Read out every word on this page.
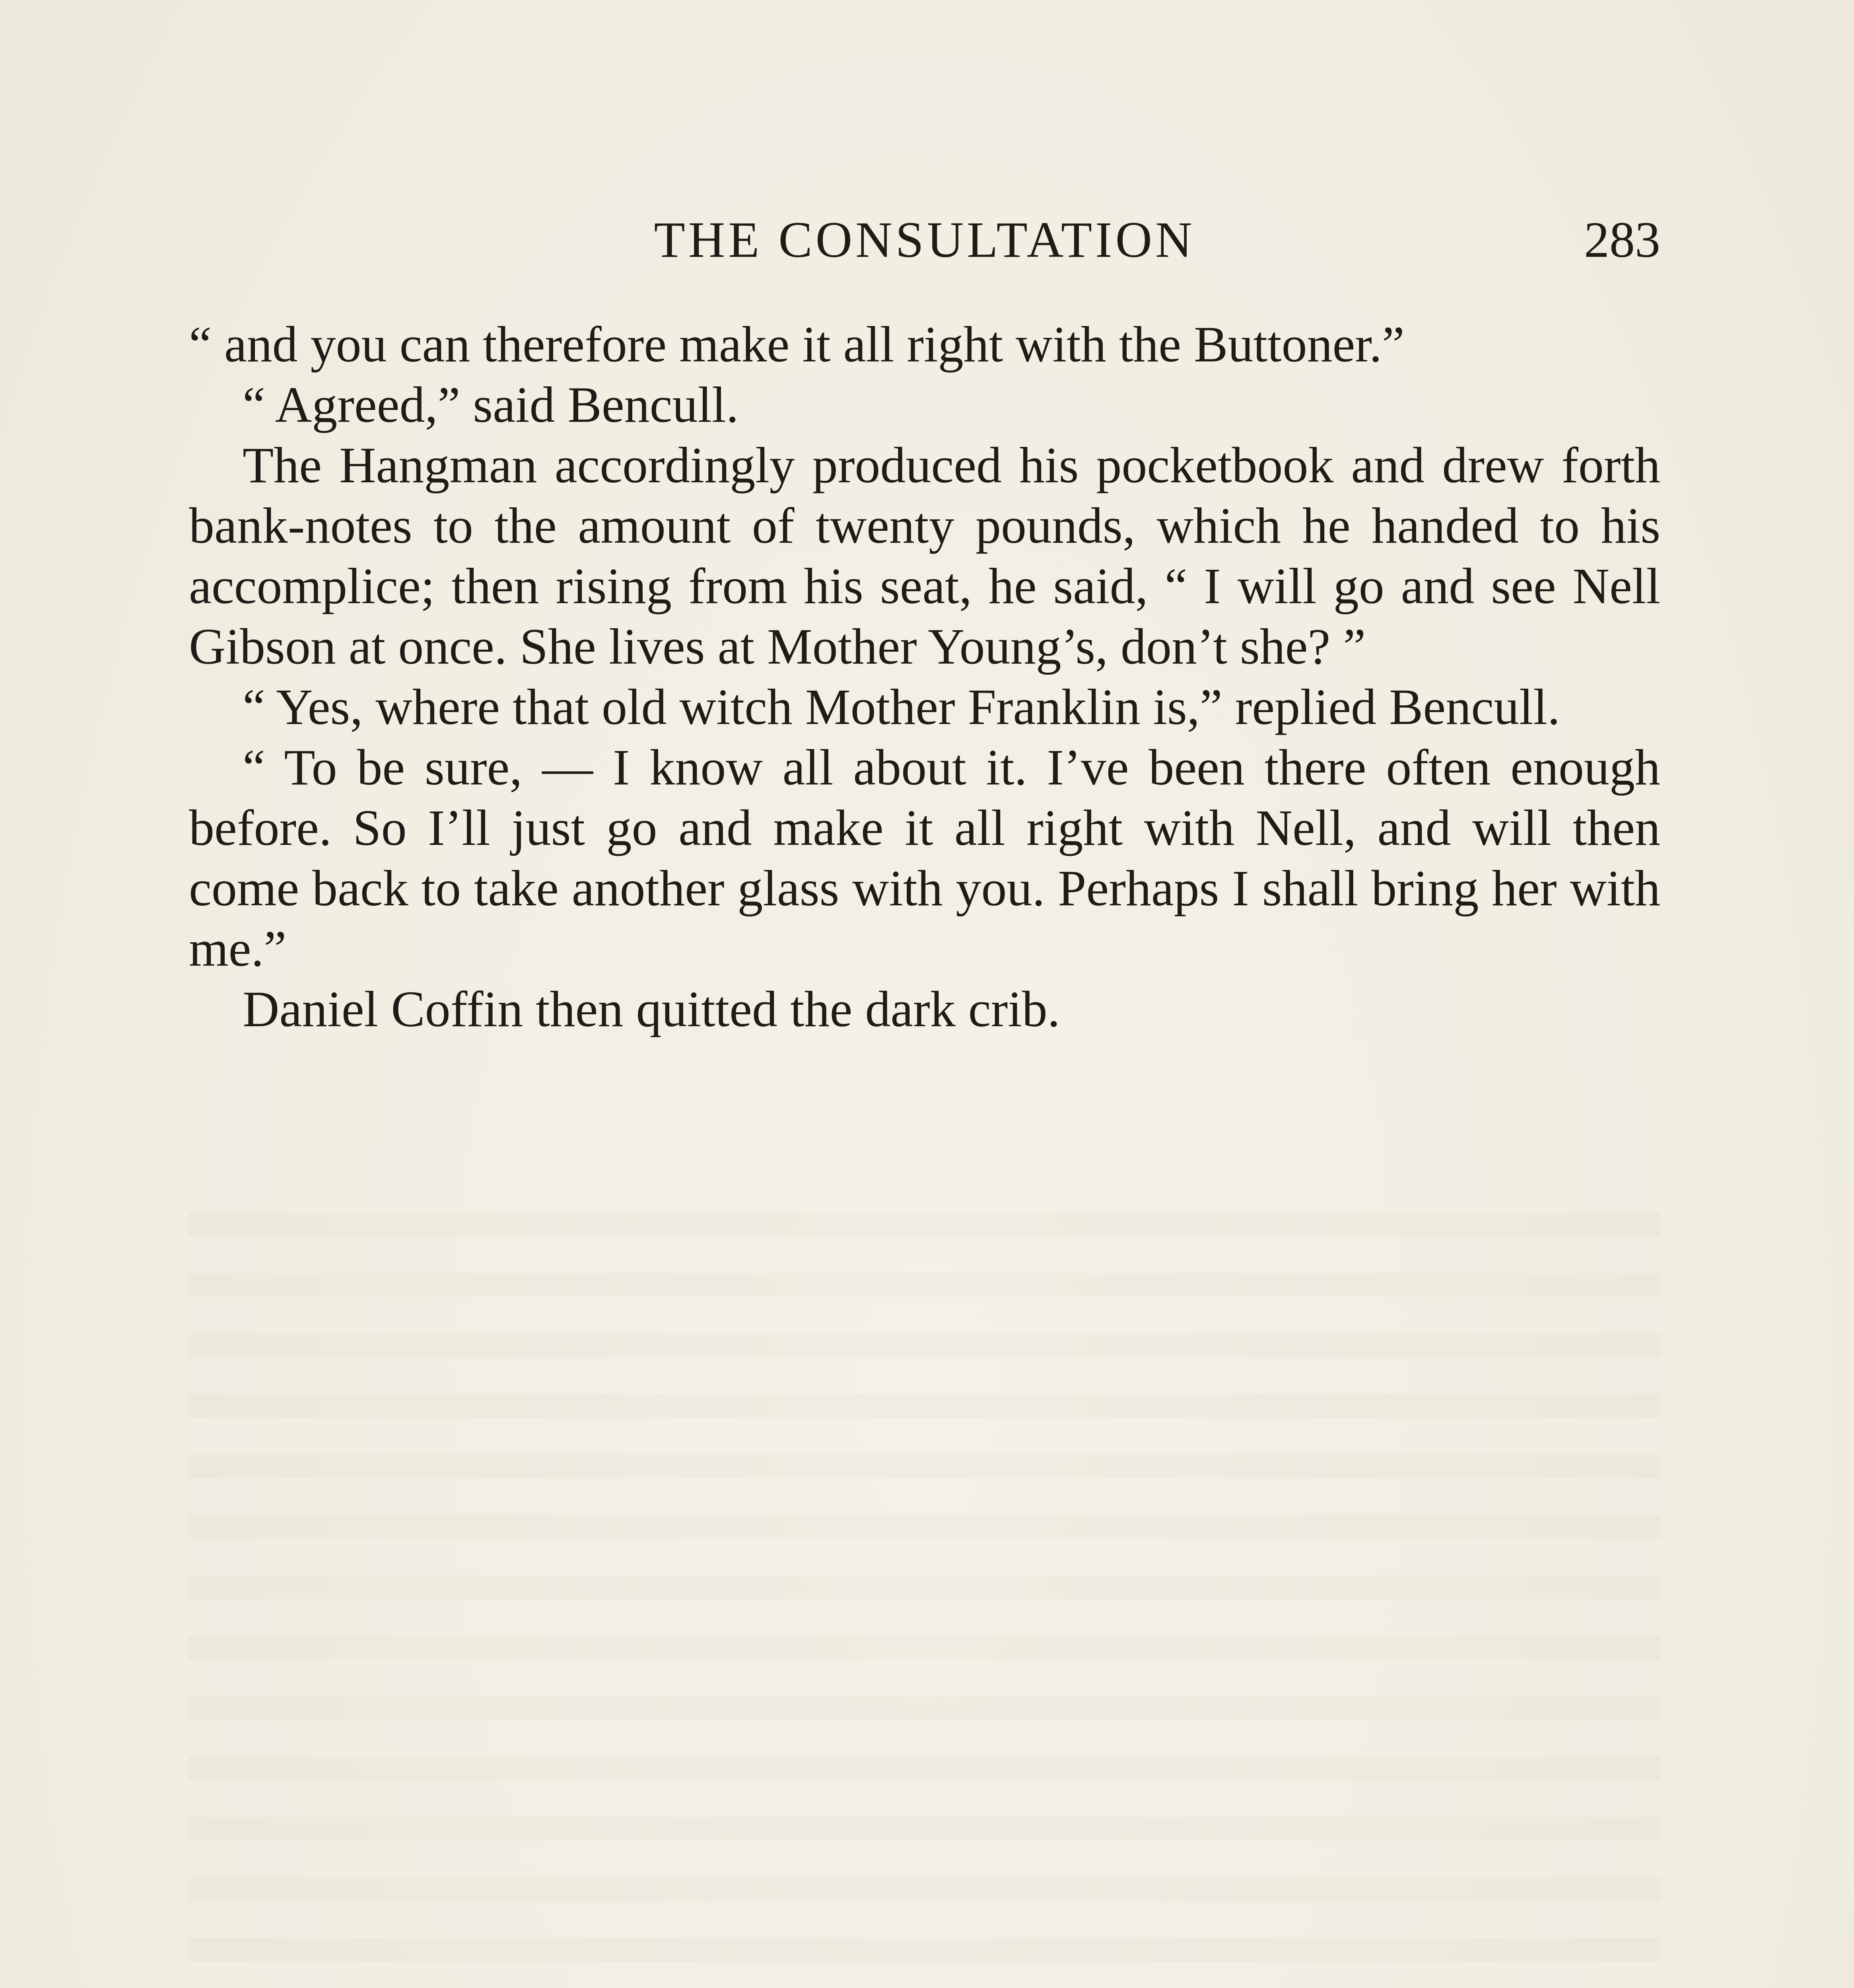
THE CONSULTATION	283

“ and you can therefore make it all right with the Buttoner.”

“ Agreed,” said Bencull.

The Hangman accordingly produced his pocketbook and drew forth bank-notes to the amount of twenty pounds, which he handed to his accomplice; then rising from his seat, he said, “ I will go and see Nell Gibson at once. She lives at Mother Young’s, don’t she? ”

“ Yes, where that old witch Mother Franklin is,” replied Bencull.

“ To be sure, — I know all about it. I’ve been there often enough before. So I’ll just go and make it all right with Nell, and will then come back to take another glass with you. Perhaps I shall bring her with me.”

Daniel Coffin then quitted the dark crib.
